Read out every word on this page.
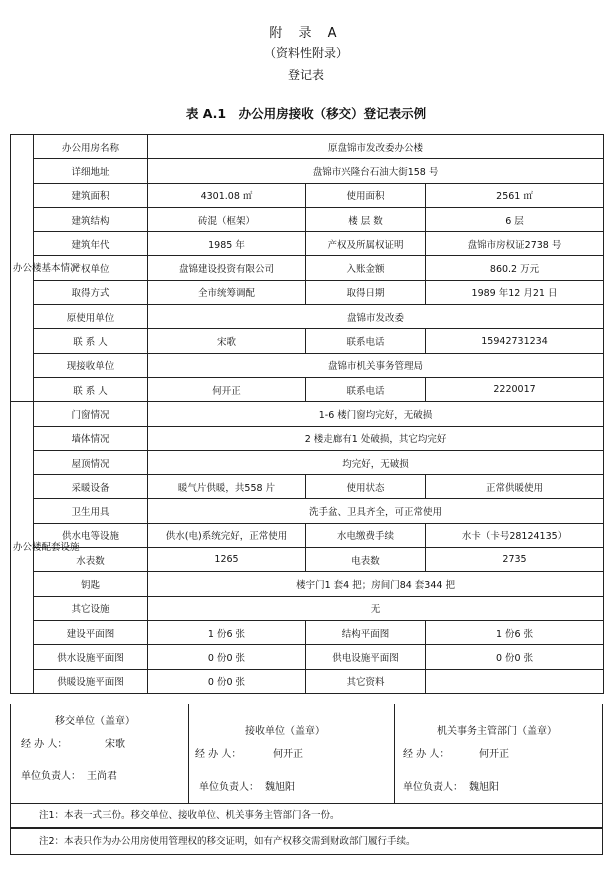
附 录 A
（资料性附录）
登记表
表 A.1　办公用房接收（移交）登记表示例
办公楼基本情况	办公用房名称	原盘锦市发改委办公楼		
	详细地址	盘锦市兴隆台石油大街158 号		
	建筑面积	4301.08 ㎡	使用面积	2561 ㎡
	建筑结构	砖混（框架）	楼 层 数	6 层
	建筑年代	1985 年	产权及所属权证明	盘锦市房权证2738 号
	产权单位	盘锦建设投资有限公司	入账金额	860.2 万元
	取得方式	全市统筹调配	取得日期	1989 年12 月21 日
	原使用单位	盘锦市发改委		
	联 系 人	宋歌	联系电话	15942731234
	现接收单位	盘锦市机关事务管理局		
	联 系 人	何开正	联系电话	2220017
办公楼配套设施	门窗情况	1-6 楼门窗均完好，无破损		
	墙体情况	2 楼走廊有1 处破损，其它均完好		
	屋顶情况	均完好，无破损		
	采暖设备	暖气片供暖，共558 片	使用状态	正常供暖使用
	卫生用具	洗手盆、卫具齐全，可正常使用		
	供水电等设施	供水(电)系统完好，正常使用	水电缴费手续	水卡（卡号28124135）
	水表数	1265	电表数	2735
	钥匙	楼宇门1 套4 把；房间门84 套344 把		
	其它设施	无		
	建设平面图	1 份6 张	结构平面图	1 份6 张
	供水设施平面图	0 份0 张	供电设施平面图	0 份0 张
	供暖设施平面图	0 份0 张	其它资料	
移交单位（盖章）
经 办 人：	宋歌
单位负责人： 王尚君
接收单位（盖章）
经 办 人：	何开正
单位负责人： 魏旭阳
机关事务主管部门（盖章）
经 办 人：	何开正
单位负责人： 魏旭阳
注1：本表一式三份。移交单位、接收单位、机关事务主管部门各一份。
注2：本表只作为办公用房使用管理权的移交证明，如有产权移交需到财政部门履行手续。
